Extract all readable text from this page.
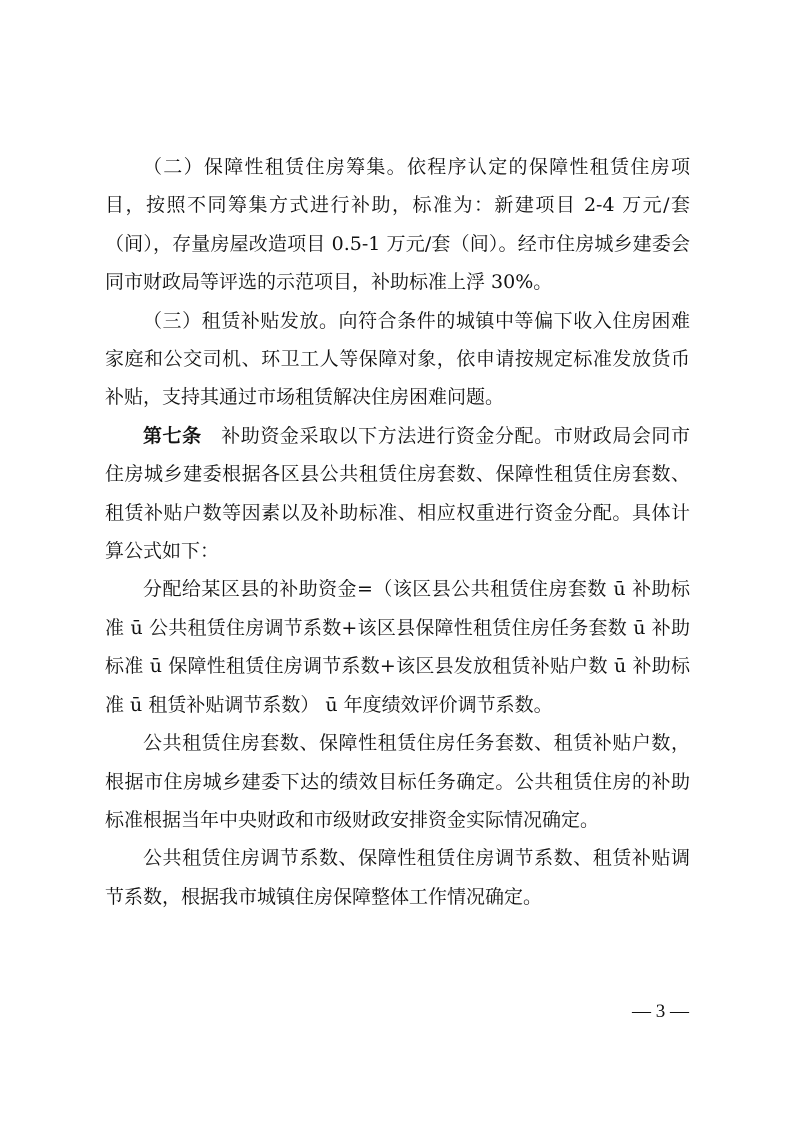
（二）保障性租赁住房筹集。依程序认定的保障性租赁住房项目，按照不同筹集方式进行补助，标准为：新建项目 2-4 万元/套（间），存量房屋改造项目 0.5-1 万元/套（间）。经市住房城乡建委会同市财政局等评选的示范项目，补助标准上浮 30%。

（三）租赁补贴发放。向符合条件的城镇中等偏下收入住房困难家庭和公交司机、环卫工人等保障对象，依申请按规定标准发放货币补贴，支持其通过市场租赁解决住房困难问题。

第七条　补助资金采取以下方法进行资金分配。市财政局会同市住房城乡建委根据各区县公共租赁住房套数、保障性租赁住房套数、租赁补贴户数等因素以及补助标准、相应权重进行资金分配。具体计算公式如下：

分配给某区县的补助资金=（该区县公共租赁住房套数 ū 补助标准 ū 公共租赁住房调节系数+该区县保障性租赁住房任务套数 ū 补助标准 ū 保障性租赁住房调节系数+该区县发放租赁补贴户数 ū 补助标准 ū 租赁补贴调节系数） ū 年度绩效评价调节系数。

公共租赁住房套数、保障性租赁住房任务套数、租赁补贴户数，根据市住房城乡建委下达的绩效目标任务确定。公共租赁住房的补助标准根据当年中央财政和市级财政安排资金实际情况确定。

公共租赁住房调节系数、保障性租赁住房调节系数、租赁补贴调节系数，根据我市城镇住房保障整体工作情况确定。

— 3 —
